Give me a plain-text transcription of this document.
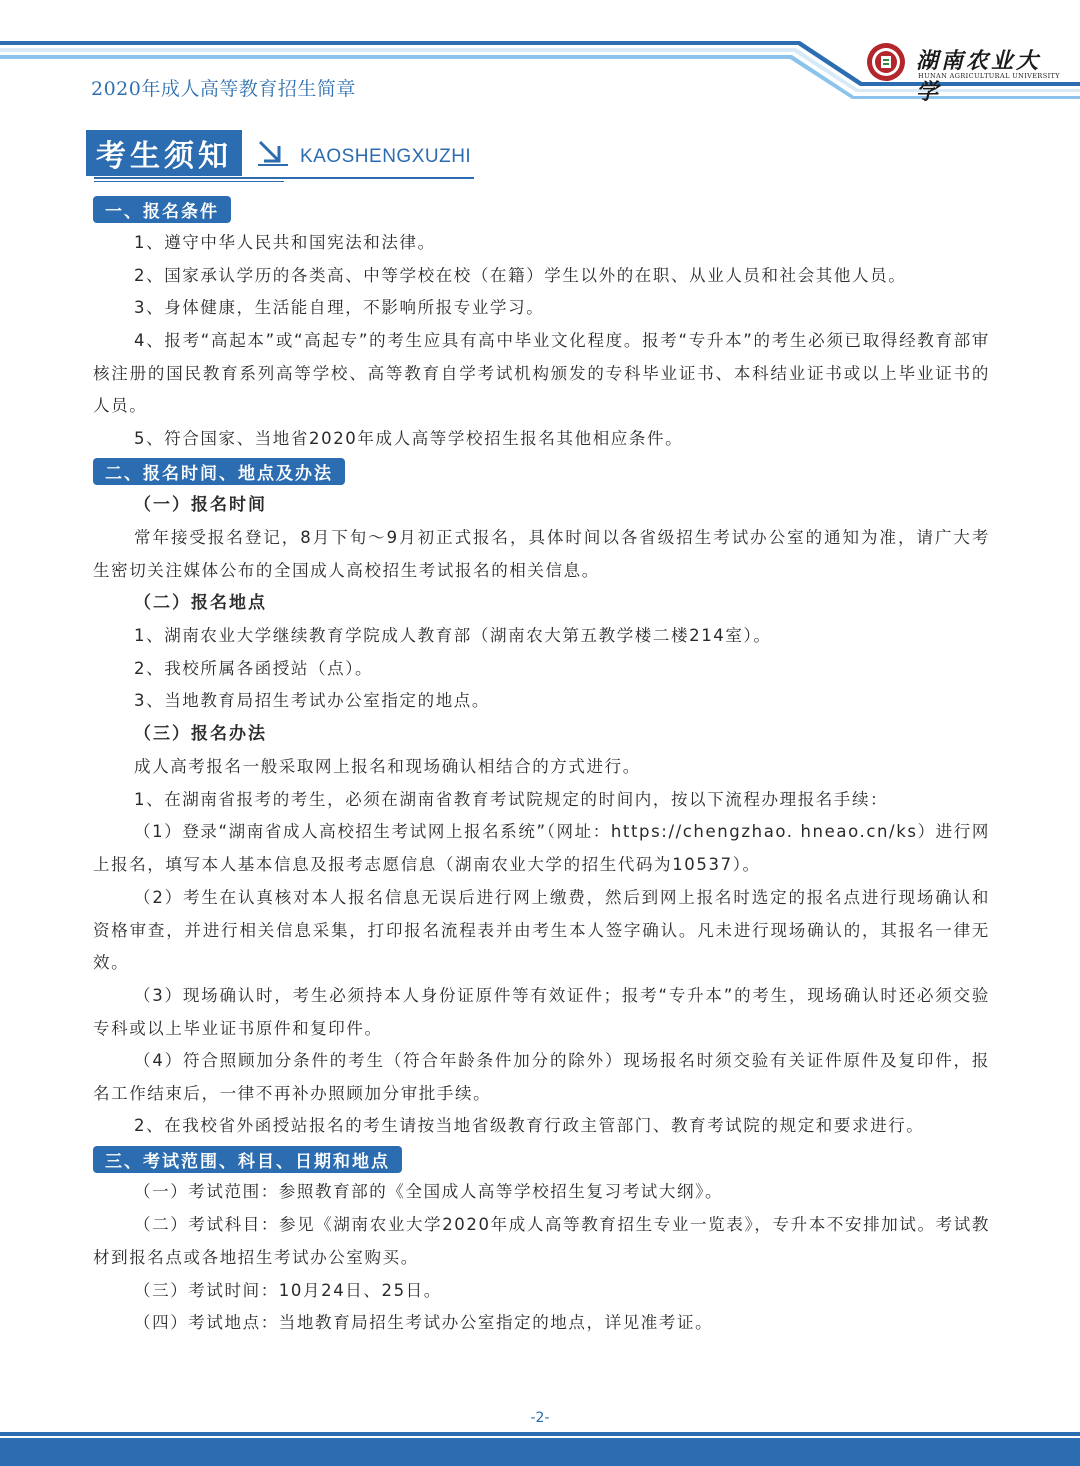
2020年成人高等教育招生简章
湖南农业大学
HUNAN AGRICULTURAL UNIVERSITY
考生须知	KAOSHENGXUZHI
一、报名条件

1、遵守中华人民共和国宪法和法律。

2、国家承认学历的各类高、中等学校在校（在籍）学生以外的在职、从业人员和社会其他人员。

3、身体健康，生活能自理，不影响所报专业学习。

4、报考“高起本”或“高起专”的考生应具有高中毕业文化程度。报考“专升本”的考生必须已取得经教育部审核注册的国民教育系列高等学校、高等教育自学考试机构颁发的专科毕业证书、本科结业证书或以上毕业证书的人员。

5、符合国家、当地省2020年成人高等学校招生报名其他相应条件。

二、报名时间、地点及办法

（一）报名时间

常年接受报名登记，8月下旬～9月初正式报名，具体时间以各省级招生考试办公室的通知为准，请广大考生密切关注媒体公布的全国成人高校招生考试报名的相关信息。

（二）报名地点

1、湖南农业大学继续教育学院成人教育部（湖南农大第五教学楼二楼214室）。

2、我校所属各函授站（点）。

3、当地教育局招生考试办公室指定的地点。

（三）报名办法

成人高考报名一般采取网上报名和现场确认相结合的方式进行。

1、在湖南省报考的考生，必须在湖南省教育考试院规定的时间内，按以下流程办理报名手续：

（1）登录“湖南省成人高校招生考试网上报名系统”（网址：https://chengzhao. hneao.cn/ks）进行网上报名，填写本人基本信息及报考志愿信息（湖南农业大学的招生代码为10537）。

（2）考生在认真核对本人报名信息无误后进行网上缴费，然后到网上报名时选定的报名点进行现场确认和资格审查，并进行相关信息采集，打印报名流程表并由考生本人签字确认。凡未进行现场确认的，其报名一律无效。

（3）现场确认时，考生必须持本人身份证原件等有效证件；报考“专升本”的考生，现场确认时还必须交验专科或以上毕业证书原件和复印件。

（4）符合照顾加分条件的考生（符合年龄条件加分的除外）现场报名时须交验有关证件原件及复印件，报名工作结束后，一律不再补办照顾加分审批手续。

2、在我校省外函授站报名的考生请按当地省级教育行政主管部门、教育考试院的规定和要求进行。

三、考试范围、科目、日期和地点

（一）考试范围：参照教育部的《全国成人高等学校招生复习考试大纲》。

（二）考试科目：参见《湖南农业大学2020年成人高等教育招生专业一览表》，专升本不安排加试。考试教材到报名点或各地招生考试办公室购买。

（三）考试时间：10月24日、25日。

（四）考试地点：当地教育局招生考试办公室指定的地点，详见准考证。

-2-
